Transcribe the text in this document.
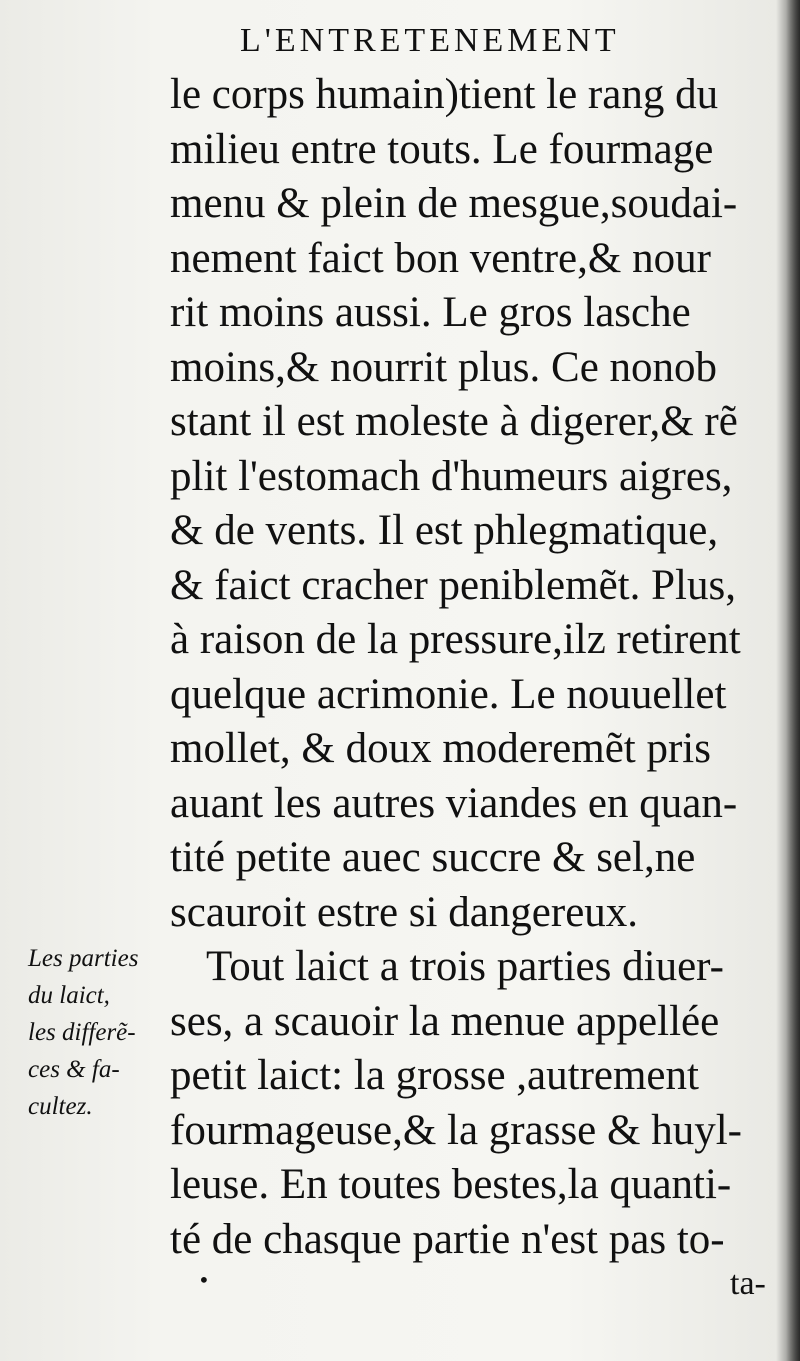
L'ENTRETENEMENT
le corps humain)tient le rang du
milieu entre touts. Le fourmage
menu & plein de mesgue,soudai-
nement faict bon ventre,& nour
rit moins aussi. Le gros lasche
moins,& nourrit plus. Ce nonob
stant il est moleste à digerer,& rẽ
plit l'estomach d'humeurs aigres,
& de vents. Il est phlegmatique,
& faict cracher peniblemẽt. Plus,
à raison de la pressure,ilz retirent
quelque acrimonie. Le nouuellet
mollet, & doux moderemẽt pris
auant les autres viandes en quan-
tité petite auec succre & sel,ne
scauroit estre si dangereux.
Tout laict a trois parties diuer-
ses, a scauoir la menue appellée
petit laict: la grosse ,autrement
fourmageuse,& la grasse & huyl-
leuse. En toutes bestes,la quanti-
té de chasque partie n'est pas to-
Les parties
du laict,
les differẽ-
ces & fa-
cultez.
•	ta-
